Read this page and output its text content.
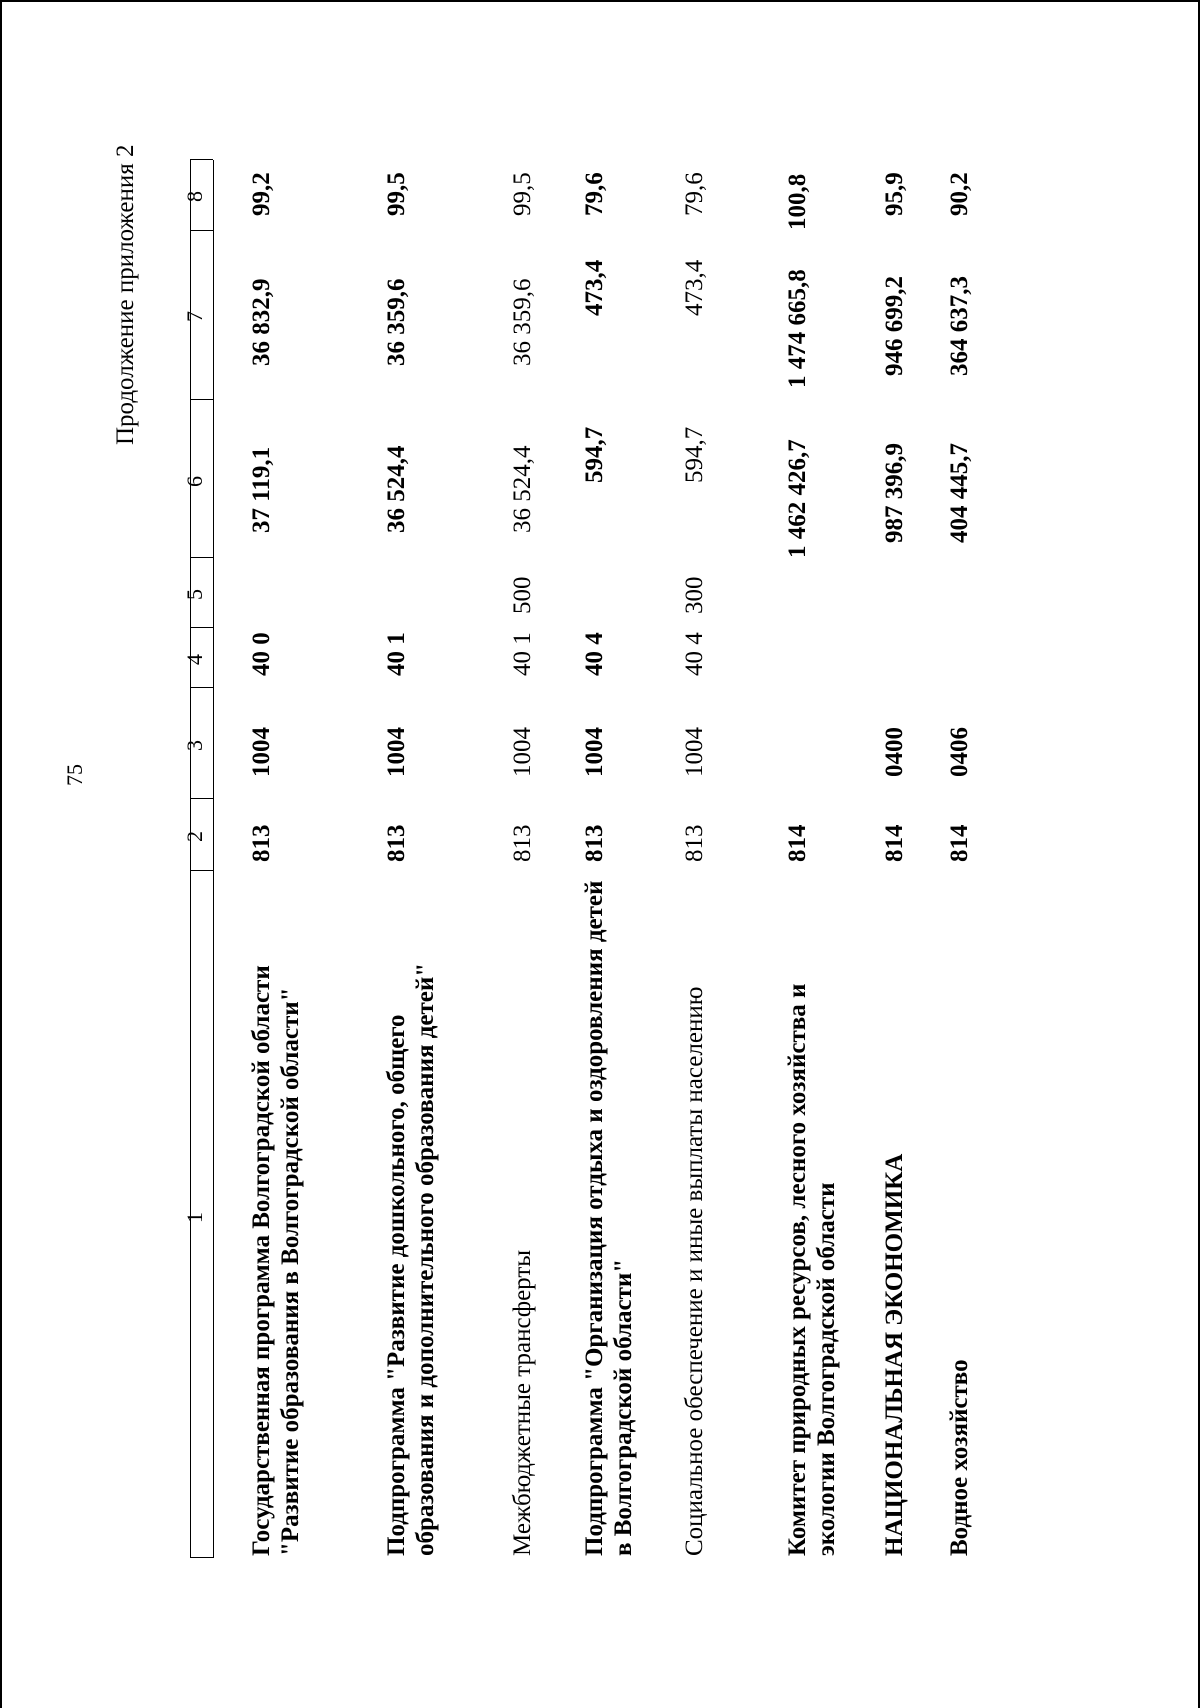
75
Продолжение приложения 2
1
2
3
4
5
6
7
8
Государственная программа Волгоградской области "Развитие образования в Волгоградской области"
813
1004
40 0
37 119,1
36 832,9
99,2
Подпрограмма "Развитие дошкольного, общего образования и дополнительного образования детей"
813
1004
40 1
36 524,4
36 359,6
99,5
Межбюджетные трансферты
813
1004
40 1
500
36 524,4
36 359,6
99,5
Подпрограмма "Организация отдыха и оздоровления детей в Волгоградской области"
813
1004
40 4
594,7
473,4
79,6
Социальное обеспечение и иные выплаты населению
813
1004
40 4
300
594,7
473,4
79,6
Комитет природных ресурсов, лесного хозяйства и экологии Волгоградской области
814
1 462 426,7
1 474 665,8
100,8
НАЦИОНАЛЬНАЯ ЭКОНОМИКА
814
0400
987 396,9
946 699,2
95,9
Водное хозяйство
814
0406
404 445,7
364 637,3
90,2
